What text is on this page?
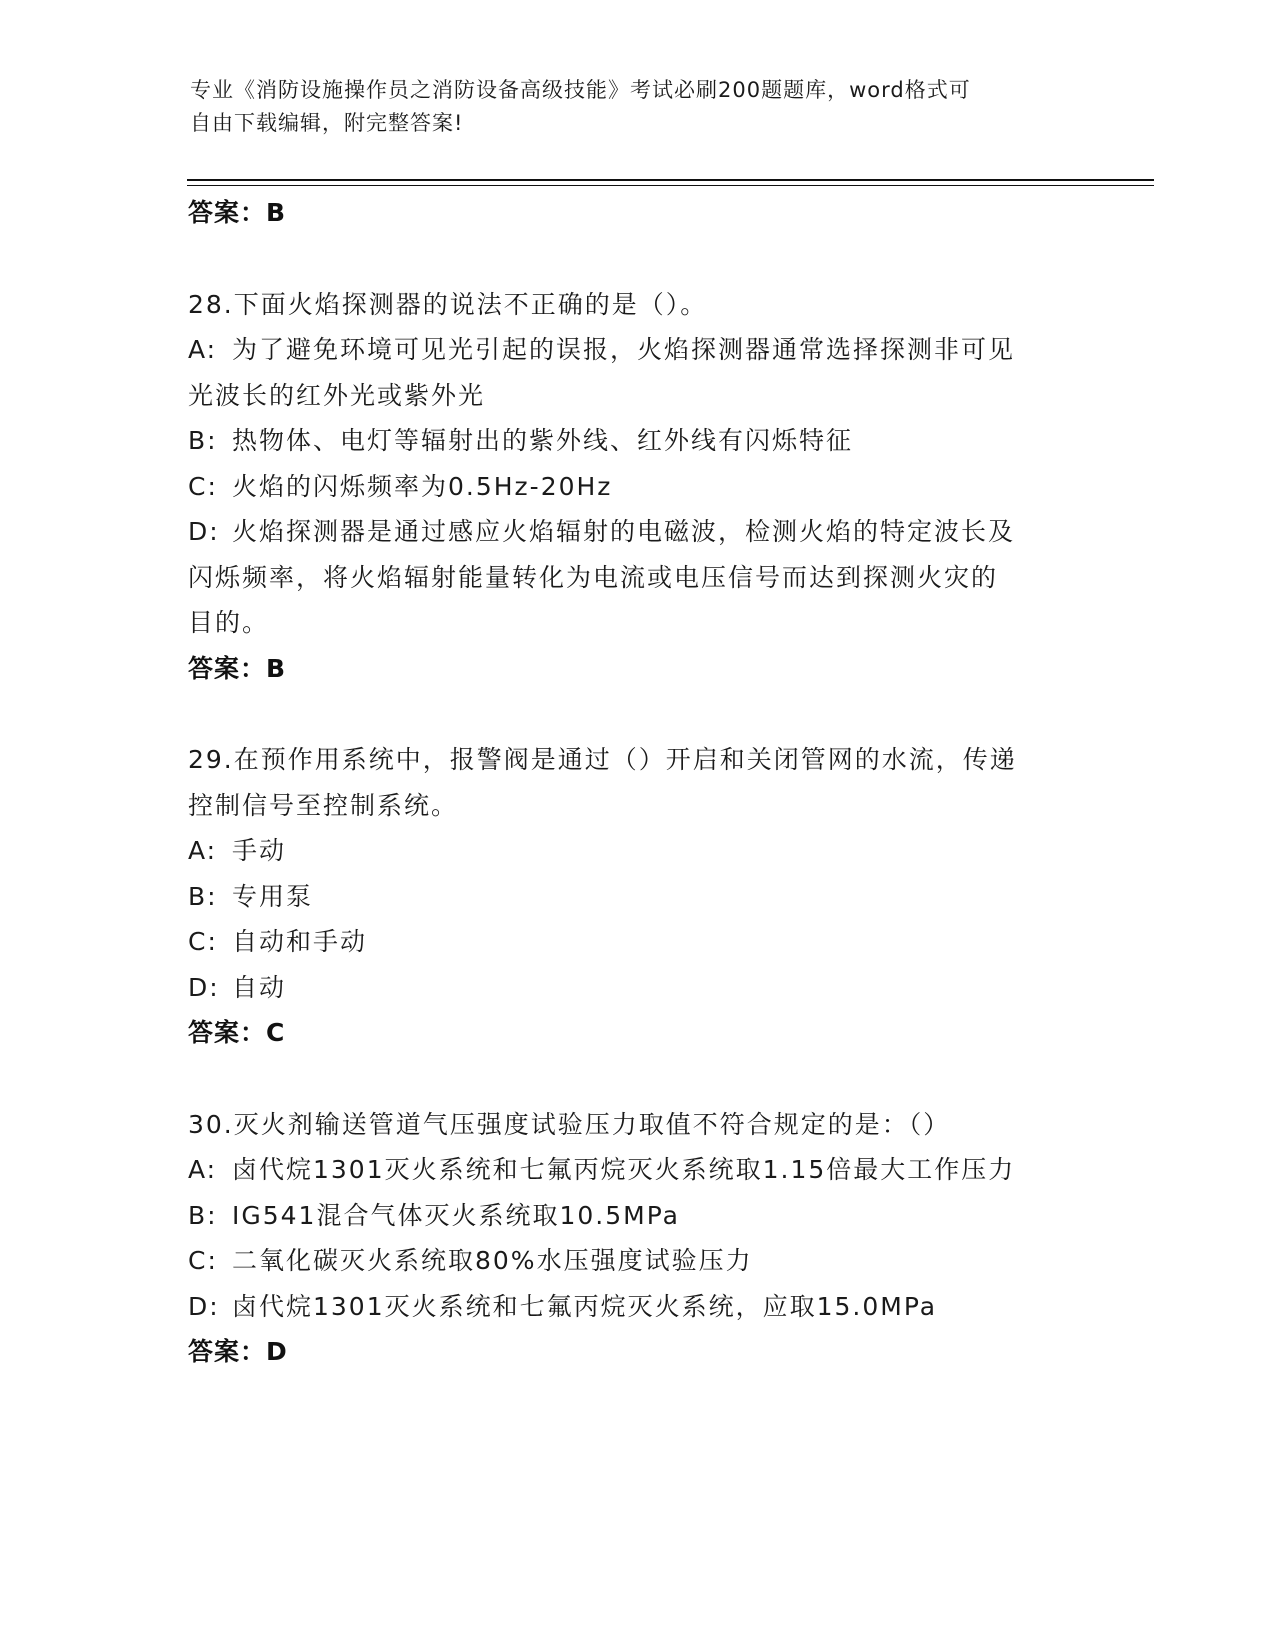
专业《消防设施操作员之消防设备高级技能》考试必刷200题题库，word格式可
自由下载编辑，附完整答案!
答案：B
28.下面火焰探测器的说法不正确的是（）。
A: 为了避免环境可见光引起的误报，火焰探测器通常选择探测非可见
光波长的红外光或紫外光
B: 热物体、电灯等辐射出的紫外线、红外线有闪烁特征
C: 火焰的闪烁频率为0.5Hz-20Hz
D: 火焰探测器是通过感应火焰辐射的电磁波，检测火焰的特定波长及
闪烁频率，将火焰辐射能量转化为电流或电压信号而达到探测火灾的
目的。
答案：B
29.在预作用系统中，报警阀是通过（）开启和关闭管网的水流，传递
控制信号至控制系统。
A: 手动
B: 专用泵
C: 自动和手动
D: 自动
答案：C
30.灭火剂输送管道气压强度试验压力取值不符合规定的是：（）
A: 卤代烷1301灭火系统和七氟丙烷灭火系统取1.15倍最大工作压力
B: IG541混合气体灭火系统取10.5MPa
C: 二氧化碳灭火系统取80%水压强度试验压力
D: 卤代烷1301灭火系统和七氟丙烷灭火系统，应取15.0MPa
答案：D
